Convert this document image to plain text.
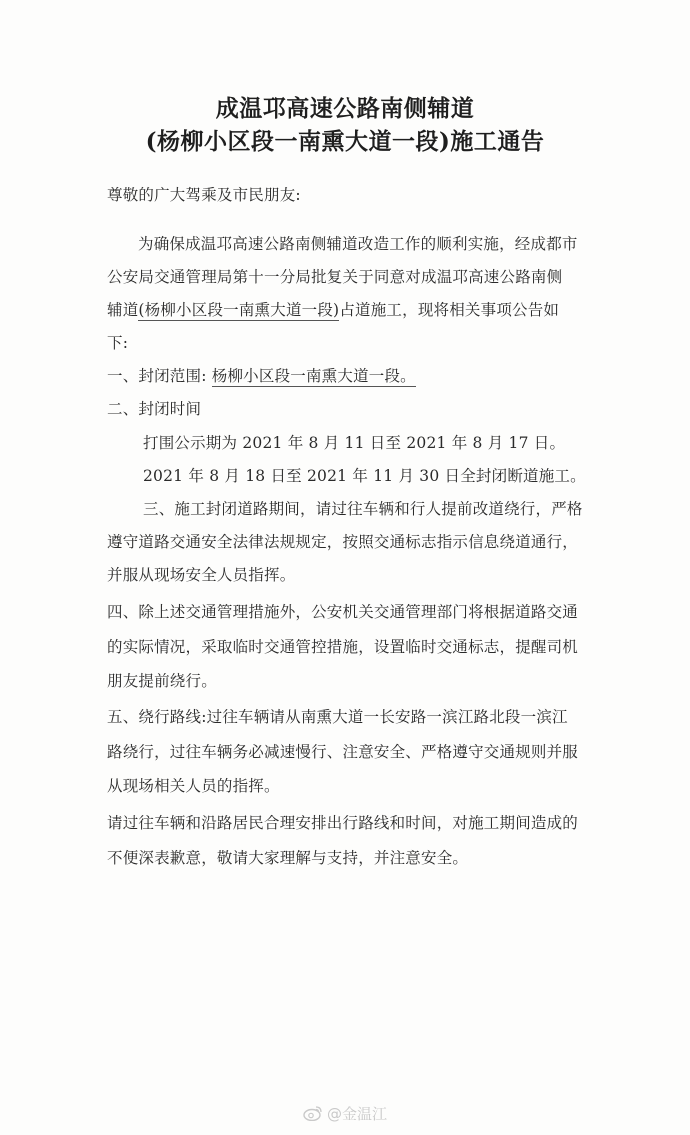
成温邛高速公路南侧辅道
(杨柳小区段一南熏大道一段)施工通告
尊敬的广大驾乘及市民朋友:
为确保成温邛高速公路南侧辅道改造工作的顺利实施，经成都市
公安局交通管理局第十一分局批复关于同意对成温邛高速公路南侧
辅道(杨柳小区段一南熏大道一段)占道施工，现将相关事项公告如
下:
一、封闭范围: 杨柳小区段一南熏大道一段。
二、封闭时间
打围公示期为 2021 年 8 月 11 日至 2021 年 8 月 17 日。
2021 年 8 月 18 日至 2021 年 11 月 30 日全封闭断道施工。
三、施工封闭道路期间，请过往车辆和行人提前改道绕行，严格
遵守道路交通安全法律法规规定，按照交通标志指示信息绕道通行，
并服从现场安全人员指挥。
四、除上述交通管理措施外，公安机关交通管理部门将根据道路交通
的实际情况，采取临时交通管控措施，设置临时交通标志，提醒司机
朋友提前绕行。
五、绕行路线:过往车辆请从南熏大道一长安路一滨江路北段一滨江
路绕行，过往车辆务必减速慢行、注意安全、严格遵守交通规则并服
从现场相关人员的指挥。
请过往车辆和沿路居民合理安排出行路线和时间，对施工期间造成的
不便深表歉意，敬请大家理解与支持，并注意安全。
@金温江
